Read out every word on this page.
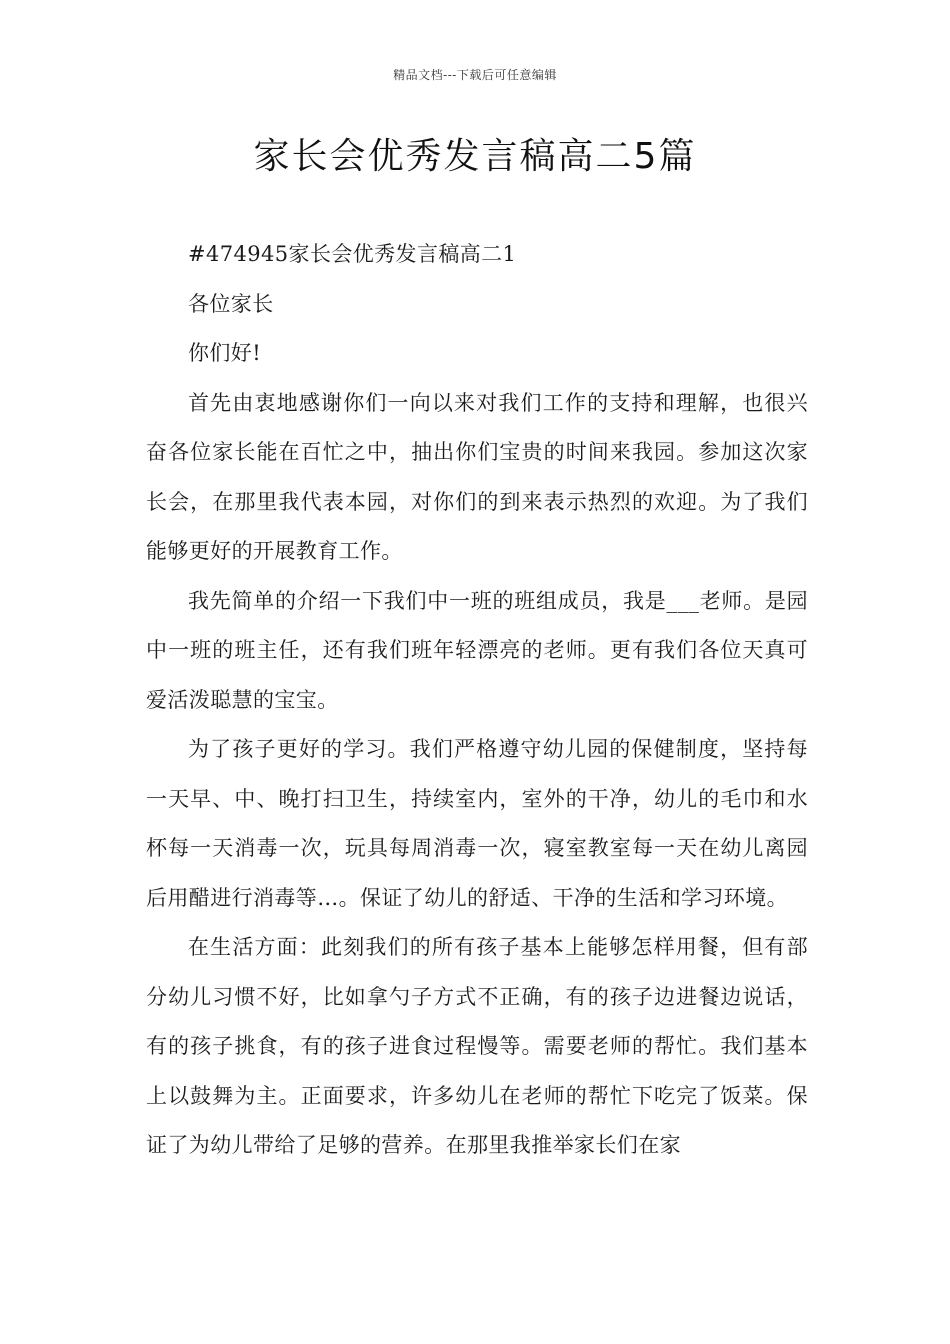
精品文档---下载后可任意编辑
家长会优秀发言稿高二5篇

#474945家长会优秀发言稿高二1

各位家长

你们好!

首先由衷地感谢你们一向以来对我们工作的支持和理解，也很兴奋各位家长能在百忙之中，抽出你们宝贵的时间来我园。参加这次家长会，在那里我代表本园，对你们的到来表示热烈的欢迎。为了我们能够更好的开展教育工作。

我先简单的介绍一下我们中一班的班组成员，我是___老师。是园中一班的班主任，还有我们班年轻漂亮的老师。更有我们各位天真可爱活泼聪慧的宝宝。

为了孩子更好的学习。我们严格遵守幼儿园的保健制度，坚持每一天早、中、晚打扫卫生，持续室内，室外的干净，幼儿的毛巾和水杯每一天消毒一次，玩具每周消毒一次，寝室教室每一天在幼儿离园后用醋进行消毒等…。保证了幼儿的舒适、干净的生活和学习环境。

在生活方面：此刻我们的所有孩子基本上能够怎样用餐，但有部分幼儿习惯不好，比如拿勺子方式不正确，有的孩子边进餐边说话，有的孩子挑食，有的孩子进食过程慢等。需要老师的帮忙。我们基本上以鼓舞为主。正面要求，许多幼儿在老师的帮忙下吃完了饭菜。保证了为幼儿带给了足够的营养。在那里我推举家长们在家
